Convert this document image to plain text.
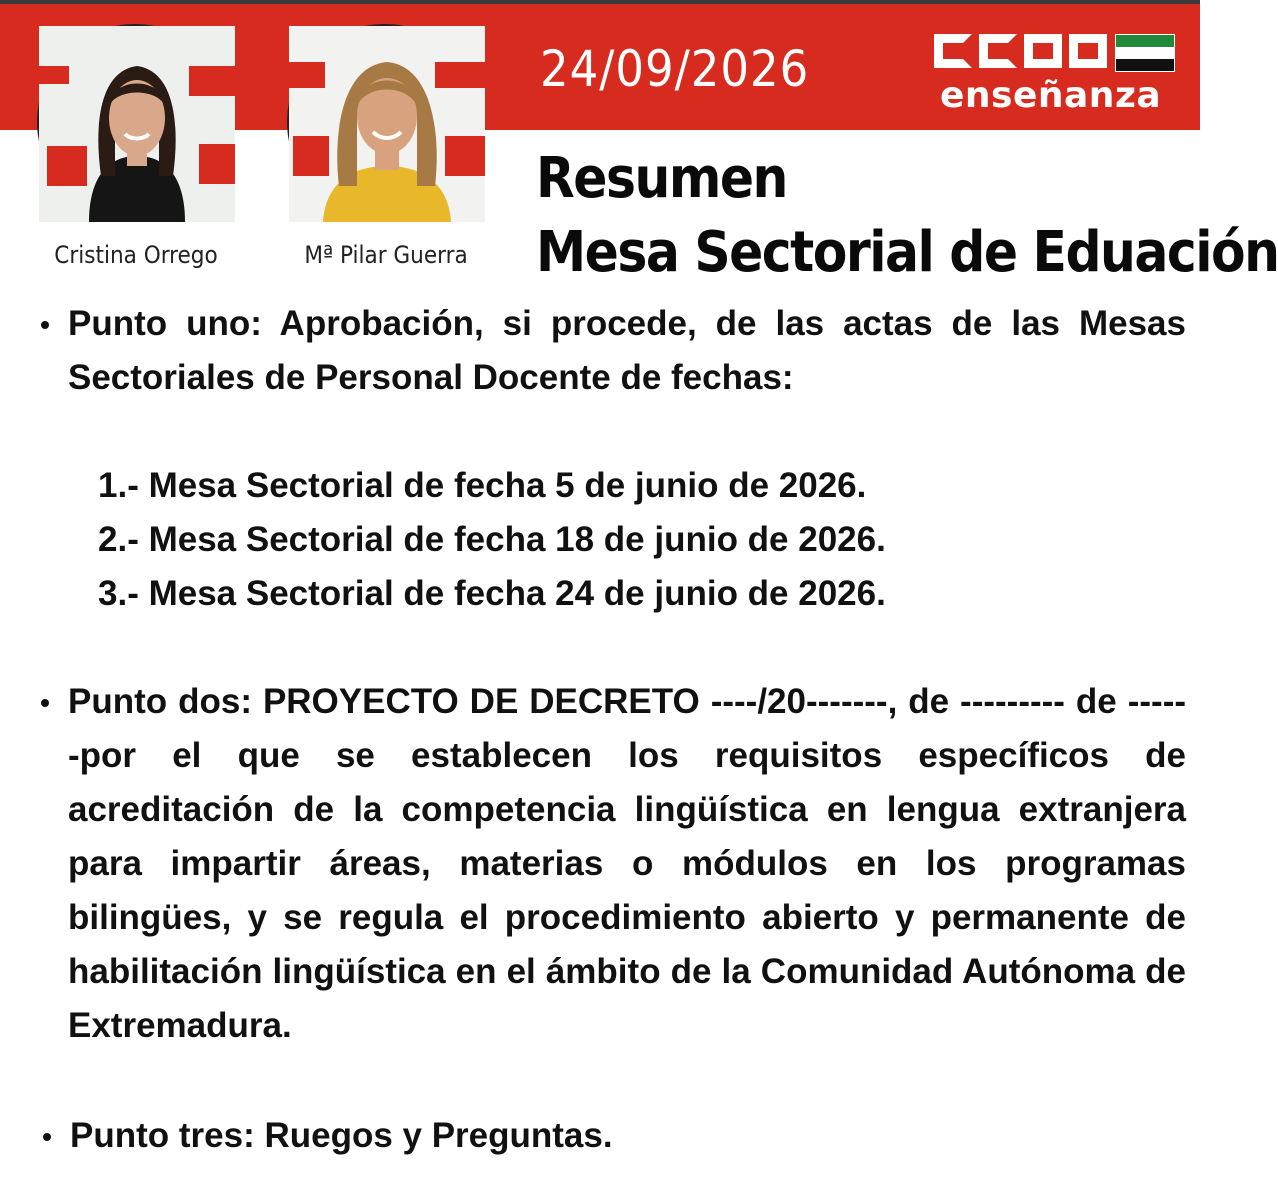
24/09/2026	enseñanza
Cristina Orrego	Mª Pilar Guerra
Resumen
Mesa Sectorial de Eduación
Punto uno: Aprobación, si procede, de las actas de las Mesas Sectoriales de Personal Docente de fechas:
1.- Mesa Sectorial de fecha 5 de junio de 2026.
2.- Mesa Sectorial de fecha 18 de junio de 2026.
3.- Mesa Sectorial de fecha 24 de junio de 2026.
Punto dos: PROYECTO DE DECRETO ----/20-------, de --------- de ------por el que se establecen los requisitos específicos de acreditación de la competencia lingüística en lengua extranjera para impartir áreas, materias o módulos en los programas bilingües, y se regula el procedimiento abierto y permanente de habilitación lingüística en el ámbito de la Comunidad Autónoma de Extremadura.
Punto tres: Ruegos y Preguntas.
